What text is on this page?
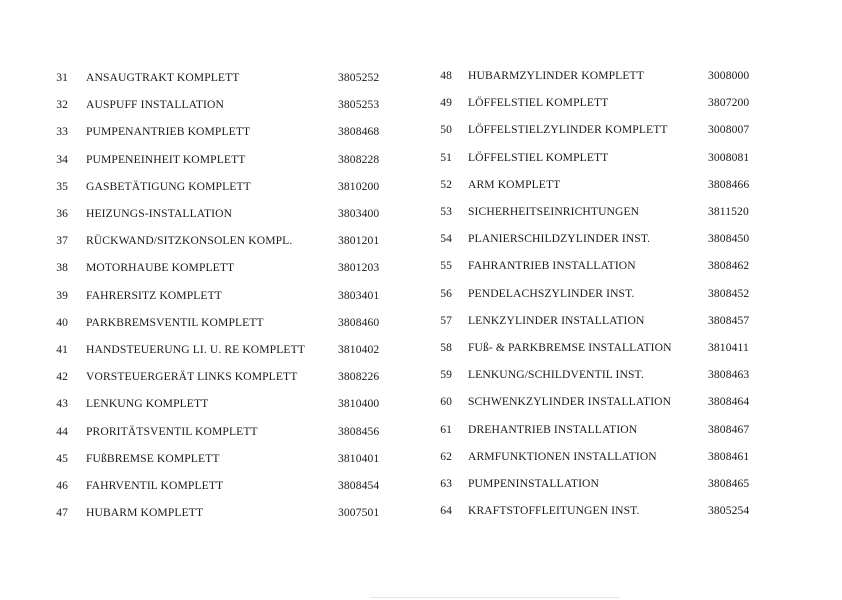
31 ANSAUGTRAKT KOMPLETT	3805252
32 AUSPUFF INSTALLATION	3805253
33 PUMPENANTRIEB KOMPLETT	3808468
34 PUMPENEINHEIT KOMPLETT	3808228
35 GASBETÄTIGUNG KOMPLETT	3810200
36 HEIZUNGS-INSTALLATION	3803400
37 RÜCKWAND/SITZKONSOLEN KOMPL.	3801201
38 MOTORHAUBE KOMPLETT	3801203
39 FAHRERSITZ KOMPLETT	3803401
40 PARKBREMSVENTIL KOMPLETT	3808460
41 HANDSTEUERUNG LI. U. RE KOMPLETT	3810402
42 VORSTEUERGERÄT LINKS KOMPLETT	3808226
43 LENKUNG KOMPLETT	3810400
44 PRORITÄTSVENTIL KOMPLETT	3808456
45 FUßBREMSE KOMPLETT	3810401
46 FAHRVENTIL KOMPLETT	3808454
47 HUBARM KOMPLETT	3007501
48 HUBARMZYLINDER KOMPLETT	3008000
49 LÖFFELSTIEL KOMPLETT	3807200
50 LÖFFELSTIELZYLINDER KOMPLETT	3008007
51 LÖFFELSTIEL KOMPLETT	3008081
52 ARM KOMPLETT	3808466
53 SICHERHEITSEINRICHTUNGEN	3811520
54 PLANIERSCHILDZYLINDER INST.	3808450
55 FAHRANTRIEB INSTALLATION	3808462
56 PENDELACHSZYLINDER INST.	3808452
57 LENKZYLINDER INSTALLATION	3808457
58 FUß- & PARKBREMSE INSTALLATION	3810411
59 LENKUNG/SCHILDVENTIL INST.	3808463
60 SCHWENKZYLINDER INSTALLATION	3808464
61 DREHANTRIEB INSTALLATION	3808467
62 ARMFUNKTIONEN INSTALLATION	3808461
63 PUMPENINSTALLATION	3808465
64 KRAFTSTOFFLEITUNGEN INST.	3805254
